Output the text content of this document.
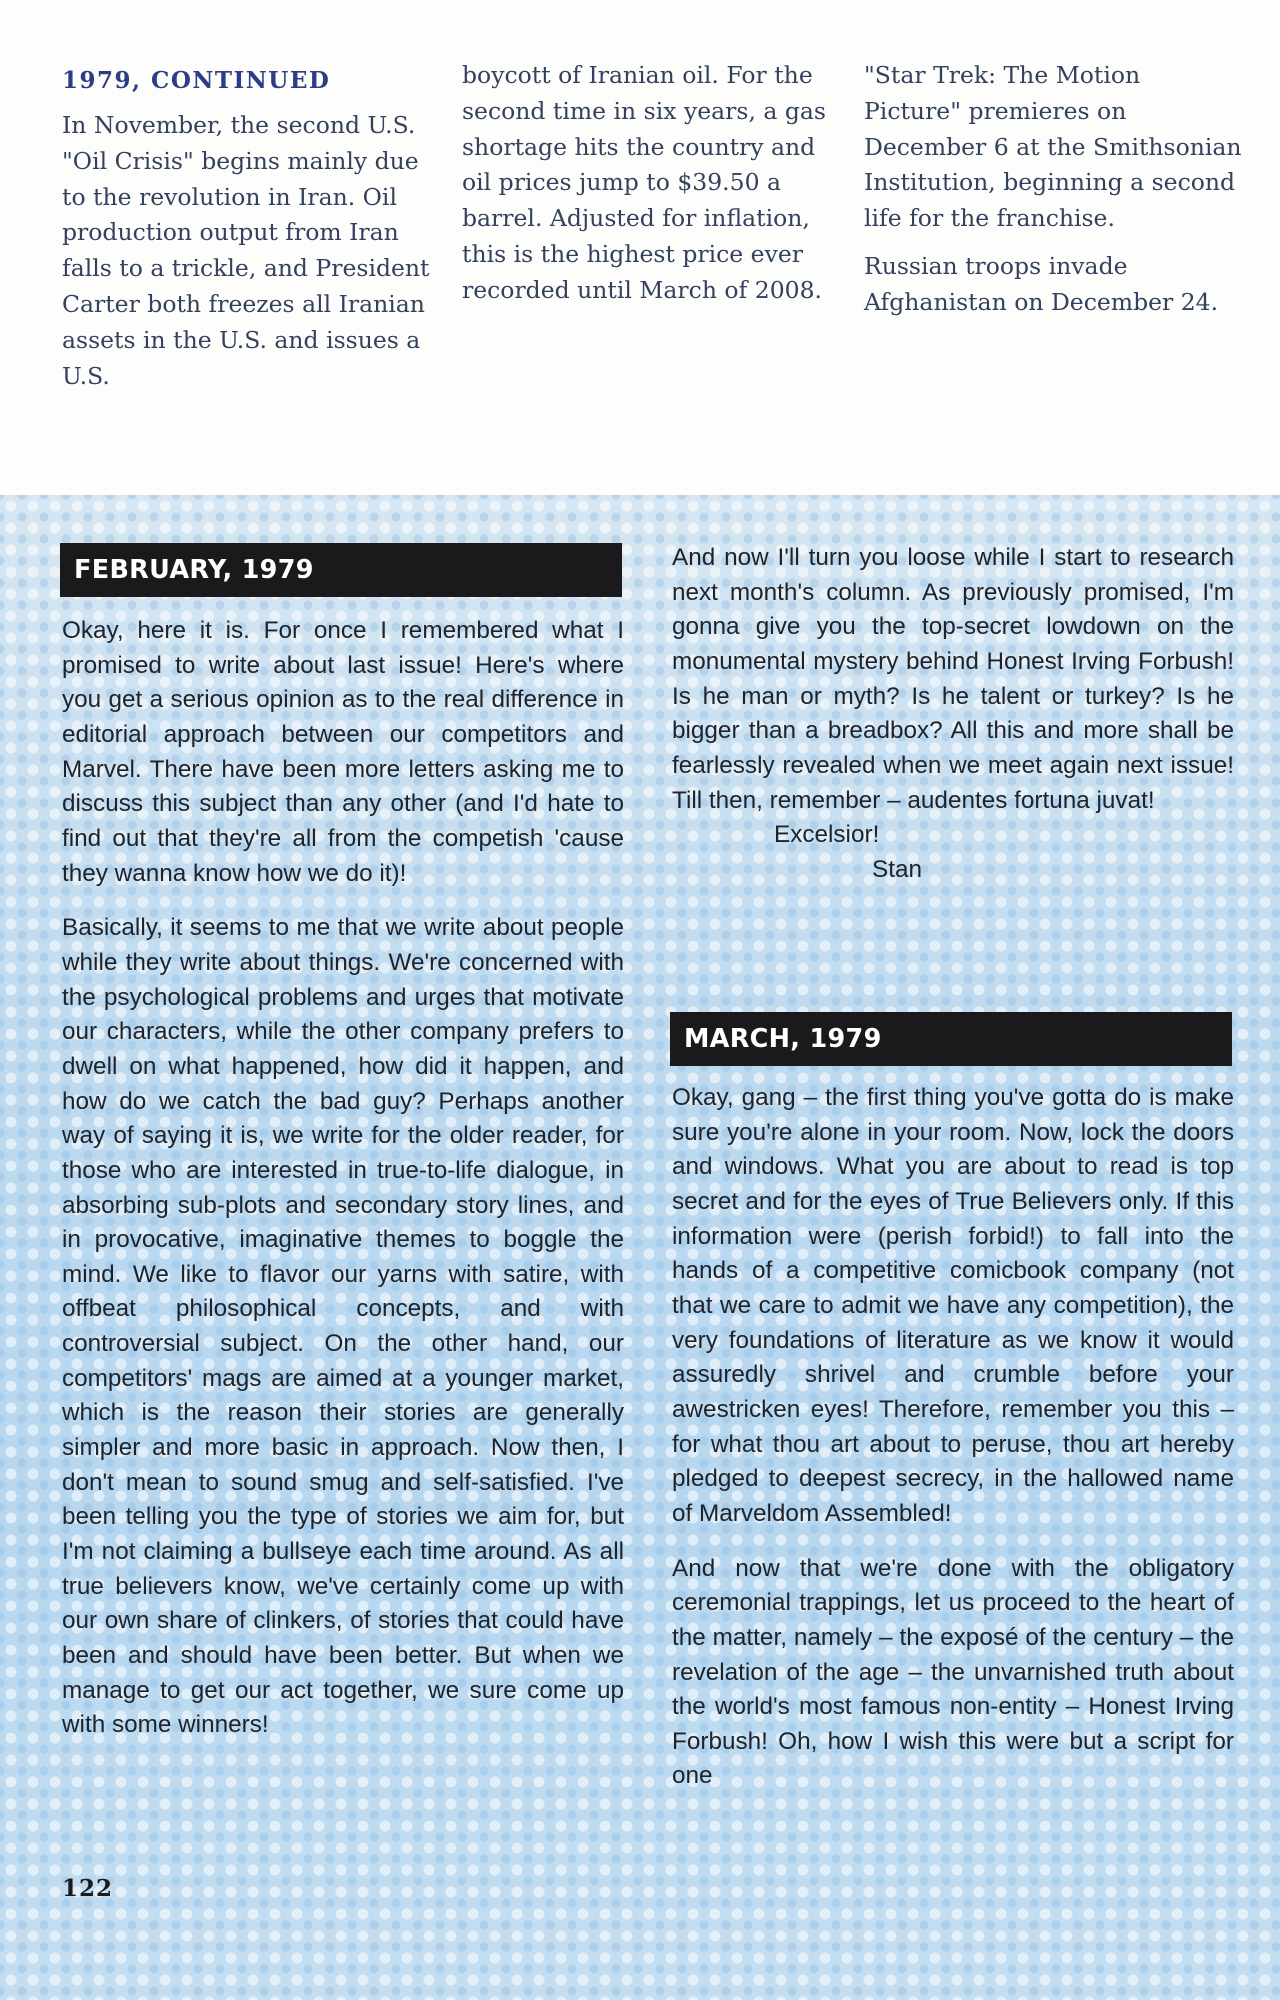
1979, CONTINUED

In November, the second U.S. "Oil Crisis" begins mainly due to the revolution in Iran. Oil production output from Iran falls to a trickle, and President Carter both freezes all Iranian assets in the U.S. and issues a U.S.

boycott of Iranian oil. For the second time in six years, a gas shortage hits the country and oil prices jump to $39.50 a barrel. Adjusted for inflation, this is the highest price ever recorded until March of 2008.

"Star Trek: The Motion Picture" premieres on December 6 at the Smithsonian Institution, beginning a second life for the franchise.

Russian troops invade Afghanistan on December 24.

FEBRUARY, 1979

Okay, here it is. For once I remembered what I promised to write about last issue! Here's where you get a serious opinion as to the real difference in editorial approach between our competitors and Marvel. There have been more letters asking me to discuss this subject than any other (and I'd hate to find out that they're all from the competish 'cause they wanna know how we do it)!

Basically, it seems to me that we write about people while they write about things. We're concerned with the psychological problems and urges that motivate our characters, while the other company prefers to dwell on what happened, how did it happen, and how do we catch the bad guy? Perhaps another way of saying it is, we write for the older reader, for those who are interested in true-to-life dialogue, in absorbing sub-plots and secondary story lines, and in provocative, imaginative themes to boggle the mind. We like to flavor our yarns with satire, with offbeat philosophical concepts, and with controversial subject. On the other hand, our competitors' mags are aimed at a younger market, which is the reason their stories are generally simpler and more basic in approach. Now then, I don't mean to sound smug and self-satisfied. I've been telling you the type of stories we aim for, but I'm not claiming a bullseye each time around. As all true believers know, we've certainly come up with our own share of clinkers, of stories that could have been and should have been better. But when we manage to get our act together, we sure come up with some winners!

And now I'll turn you loose while I start to research next month's column. As previously promised, I'm gonna give you the top-secret lowdown on the monumental mystery behind Honest Irving Forbush! Is he man or myth? Is he talent or turkey? Is he bigger than a breadbox? All this and more shall be fearlessly revealed when we meet again next issue! Till then, remember – audentes fortuna juvat!

Excelsior!

Stan

MARCH, 1979

Okay, gang – the first thing you've gotta do is make sure you're alone in your room. Now, lock the doors and windows. What you are about to read is top secret and for the eyes of True Believers only. If this information were (perish forbid!) to fall into the hands of a competitive comicbook company (not that we care to admit we have any competition), the very foundations of literature as we know it would assuredly shrivel and crumble before your awestricken eyes! Therefore, remember you this – for what thou art about to peruse, thou art hereby pledged to deepest secrecy, in the hallowed name of Marveldom Assembled!

And now that we're done with the obligatory ceremonial trappings, let us proceed to the heart of the matter, namely – the exposé of the century – the revelation of the age – the unvarnished truth about the world's most famous non-entity – Honest Irving Forbush! Oh, how I wish this were but a script for one

122
